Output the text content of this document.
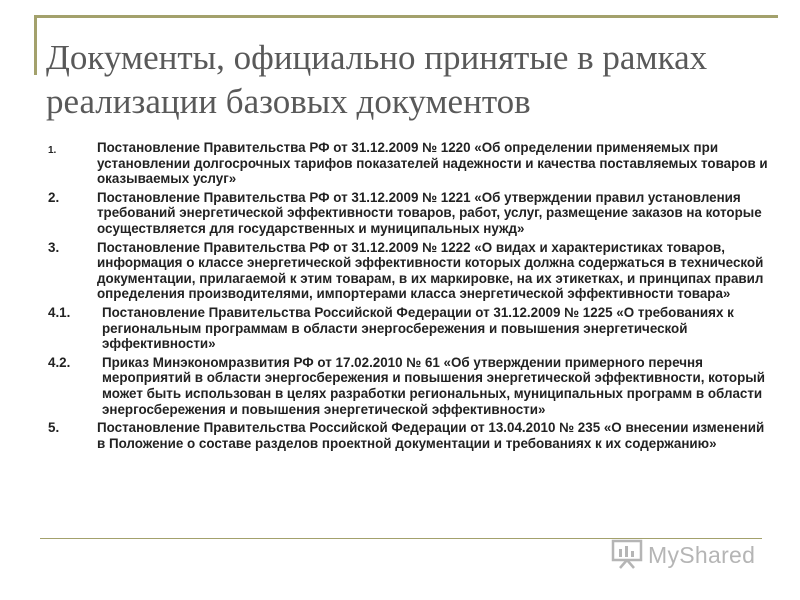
Документы, официально принятые в рамках реализации базовых документов
1.	Постановление Правительства РФ от 31.12.2009 № 1220 «Об определении применяемых при установлении долгосрочных тарифов показателей надежности и качества поставляемых товаров и оказываемых услуг»
2.	Постановление Правительства РФ от 31.12.2009 № 1221 «Об утверждении правил установления требований энергетической эффективности товаров, работ, услуг, размещение заказов на которые осуществляется для государственных и муниципальных нужд»
3.	Постановление Правительства РФ от 31.12.2009 № 1222 «О видах и характеристиках товаров, информация о классе энергетической эффективности которых должна содержаться в технической документации, прилагаемой к этим товарам, в их маркировке, на их этикетках, и принципах правил определения производителями, импортерами класса энергетической эффективности товара»
4.1.	Постановление Правительства Российской Федерации от 31.12.2009 № 1225 «О требованиях к региональным программам в области энергосбережения и повышения энергетической эффективности»
4.2.	Приказ Минэкономразвития РФ от 17.02.2010 № 61 «Об утверждении примерного перечня мероприятий в области энергосбережения и повышения энергетической эффективности, который может быть использован в целях разработки региональных, муниципальных программ в области энергосбережения и повышения энергетической эффективности»
5.	Постановление Правительства Российской Федерации от 13.04.2010 № 235 «О внесении изменений в Положение о составе разделов проектной документации и требованиях к их содержанию»
MyShared
